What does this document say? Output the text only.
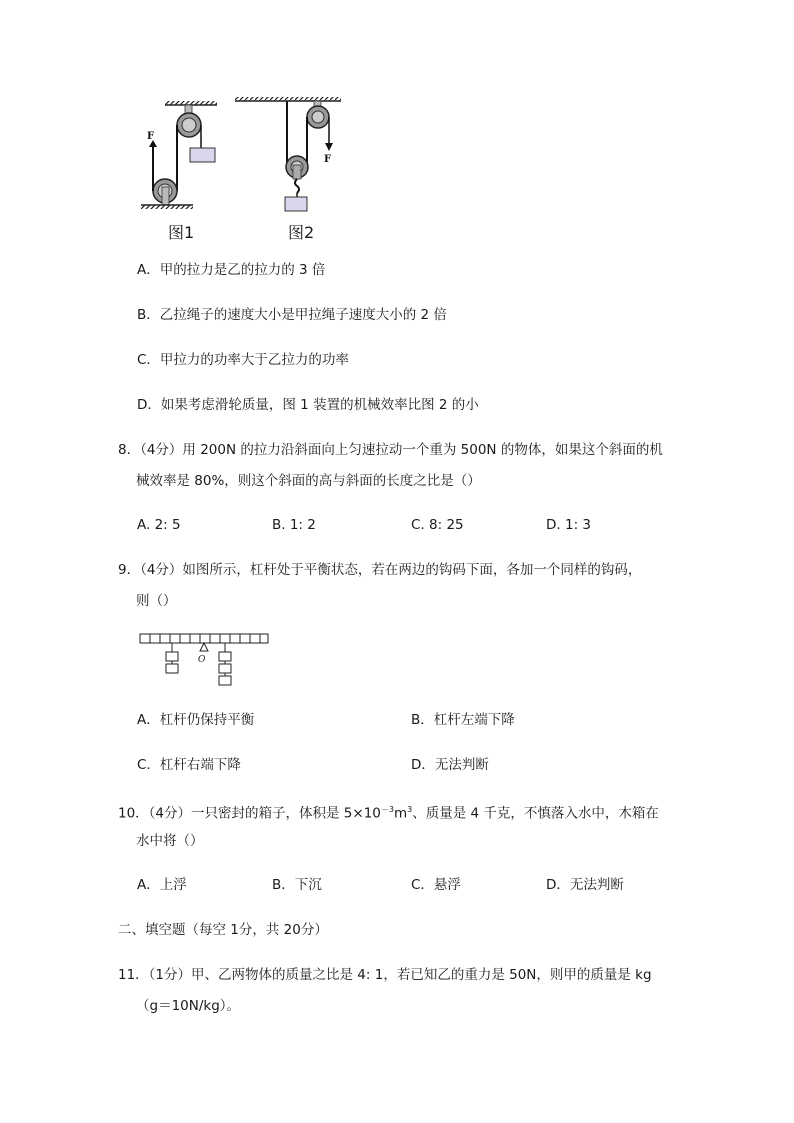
F
F
图1	图2
A．甲的拉力是乙的拉力的 3 倍
B．乙拉绳子的速度大小是甲拉绳子速度大小的 2 倍
C．甲拉力的功率大于乙拉力的功率
D．如果考虑滑轮质量，图 1 装置的机械效率比图 2 的小
8．（4分）用 200N 的拉力沿斜面向上匀速拉动一个重为 500N 的物体，如果这个斜面的机
械效率是 80%，则这个斜面的高与斜面的长度之比是（）
A. 2: 5	B. 1: 2	C. 8: 25	D. 1: 3
9．（4分）如图所示，杠杆处于平衡状态，若在两边的钩码下面，各加一个同样的钩码，
则（）
O
A．杠杆仍保持平衡	B．杠杆左端下降
C．杠杆右端下降	D．无法判断
10．（4分）一只密封的箱子，体积是 $5\times 10^{-3}m^3$、质量是 4 千克，不慎落入水中，木箱在
水中将（）
A．上浮	B．下沉	C．悬浮	D．无法判断
二、填空题（每空 1分，共 20分）
11．（1分）甲、乙两物体的质量之比是 4: 1，若已知乙的重力是 50N，则甲的质量是 kg
（g＝10N/kg）。
